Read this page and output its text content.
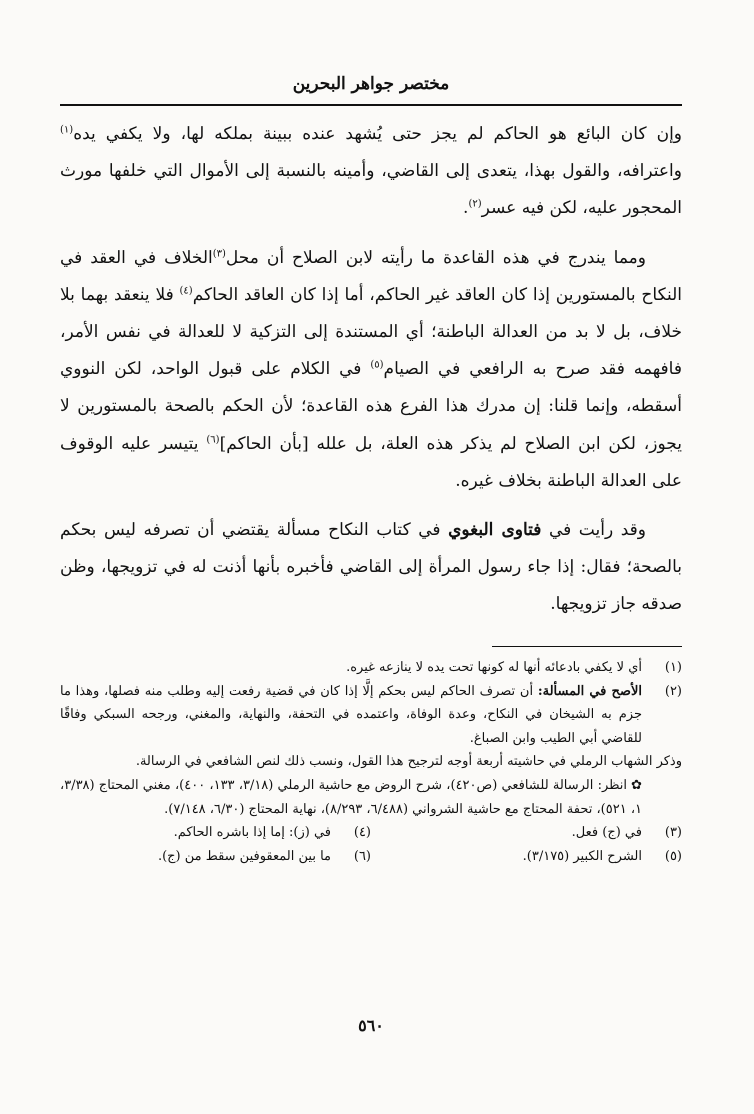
مختصر جواهر البحرين

وإن كان البائع هو الحاكم لم يجز حتى يُشهد عنده ببينة بملكه لها، ولا يكفي يده$^{(١)}$ واعترافه، والقول بهذا، يتعدى إلى القاضي، وأمينه بالنسبة إلى الأموال التي خلفها مورث المحجور عليه، لكن فيه عسر$^{(٢)}$.

ومما يندرج في هذه القاعدة ما رأيته لابن الصلاح أن محل$^{(٣)}$الخلاف في العقد في النكاح بالمستورين إذا كان العاقد غير الحاكم، أما إذا كان العاقد الحاكم$^{(٤)}$ فلا ينعقد بهما بلا خلاف، بل لا بد من العدالة الباطنة؛ أي المستندة إلى التزكية لا للعدالة في نفس الأمر، فافهمه فقد صرح به الرافعي في الصيام$^{(٥)}$ في الكلام على قبول الواحد، لكن النووي أسقطه، وإنما قلنا: إن مدرك هذا الفرع هذه القاعدة؛ لأن الحكم بالصحة بالمستورين لا يجوز، لكن ابن الصلاح لم يذكر هذه العلة، بل علله [بأن الحاكم]$^{(٦)}$ يتيسر عليه الوقوف على العدالة الباطنة بخلاف غيره.

وقد رأيت في فتاوى البغوي في كتاب النكاح مسألة يقتضي أن تصرفه ليس بحكم بالصحة؛ فقال: إذا جاء رسول المرأة إلى القاضي فأخبره بأنها أذنت له في تزويجها، وظن صدقه جاز تزويجها.

(١)
أي لا يكفي بادعائه أنها له كونها تحت يده لا ينازعه غيره.
(٢)
الأصح في المسألة: أن تصرف الحاكم ليس بحكم إلَّا إذا كان في قضية رفعت إليه وطلب منه فصلها، وهذا ما جزم به الشيخان في النكاح، وعدة الوفاة، واعتمده في التحفة، والنهاية، والمغني، ورجحه السبكي وفاقًا للقاضي أبي الطيب وابن الصباغ.

وذكر الشهاب الرملي في حاشيته أربعة أوجه لترجيح هذا القول، ونسب ذلك لنص الشافعي في الرسالة.

✿انظر: الرسالة للشافعي (ص٤٢٠)، شرح الروض مع حاشية الرملي (٣/١٨، ١٣٣، ٤٠٠)، مغني المحتاج (٣/٣٨، ١، ٥٢١)، تحفة المحتاج مع حاشية الشرواني (٦/٤٨٨، ٨/٢٩٣)، نهاية المحتاج (٦/٣٠، ٧/١٤٨).

(٣)
في (ج) فعل.
(٤)
في (ز): إما إذا باشره الحاكم.
(٥)
الشرح الكبير (٣/١٧٥).
(٦)
ما بين المعقوفين سقط من (ج).
٥٦٠
